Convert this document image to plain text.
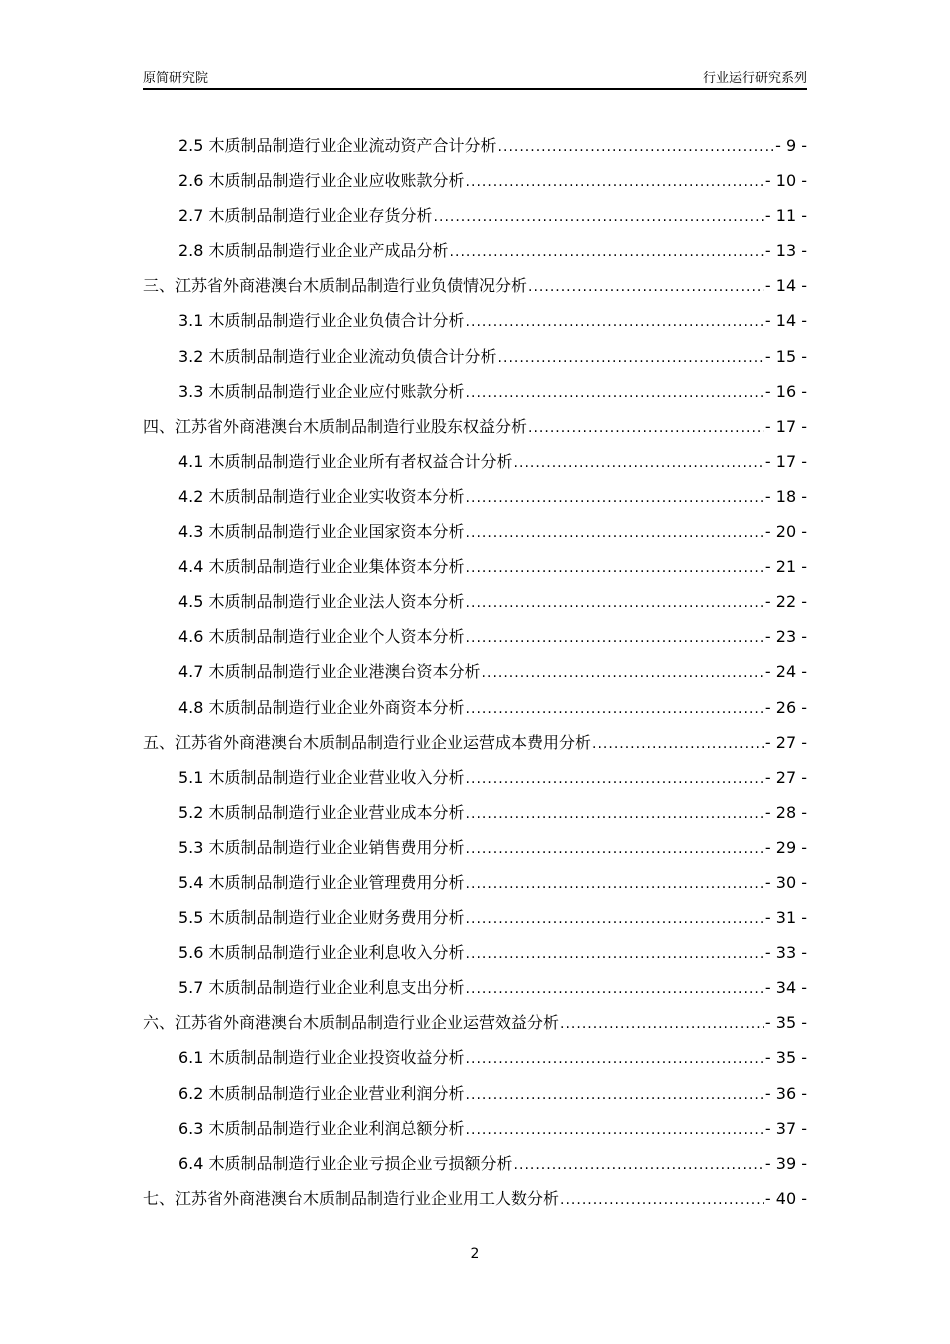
原简研究院	行业运行研究系列
2.5 木质制品制造行业企业流动资产合计分析 .....	- 9 -
2.6 木质制品制造行业企业应收账款分析 .....	- 10 -
2.7 木质制品制造行业企业存货分析 .....	- 11 -
2.8 木质制品制造行业企业产成品分析 .....	- 13 -
三、江苏省外商港澳台木质制品制造行业负债情况分析 .....	- 14 -
3.1 木质制品制造行业企业负债合计分析 .....	- 14 -
3.2 木质制品制造行业企业流动负债合计分析 .....	- 15 -
3.3 木质制品制造行业企业应付账款分析 .....	- 16 -
四、江苏省外商港澳台木质制品制造行业股东权益分析 .....	- 17 -
4.1 木质制品制造行业企业所有者权益合计分析 .....	- 17 -
4.2 木质制品制造行业企业实收资本分析 .....	- 18 -
4.3 木质制品制造行业企业国家资本分析 .....	- 20 -
4.4 木质制品制造行业企业集体资本分析 .....	- 21 -
4.5 木质制品制造行业企业法人资本分析 .....	- 22 -
4.6 木质制品制造行业企业个人资本分析 .....	- 23 -
4.7 木质制品制造行业企业港澳台资本分析 .....	- 24 -
4.8 木质制品制造行业企业外商资本分析 .....	- 26 -
五、江苏省外商港澳台木质制品制造行业企业运营成本费用分析 .....	- 27 -
5.1 木质制品制造行业企业营业收入分析 .....	- 27 -
5.2 木质制品制造行业企业营业成本分析 .....	- 28 -
5.3 木质制品制造行业企业销售费用分析 .....	- 29 -
5.4 木质制品制造行业企业管理费用分析 .....	- 30 -
5.5 木质制品制造行业企业财务费用分析 .....	- 31 -
5.6 木质制品制造行业企业利息收入分析 .....	- 33 -
5.7 木质制品制造行业企业利息支出分析 .....	- 34 -
六、江苏省外商港澳台木质制品制造行业企业运营效益分析 .....	- 35 -
6.1 木质制品制造行业企业投资收益分析 .....	- 35 -
6.2 木质制品制造行业企业营业利润分析 .....	- 36 -
6.3 木质制品制造行业企业利润总额分析 .....	- 37 -
6.4 木质制品制造行业企业亏损企业亏损额分析 .....	- 39 -
七、江苏省外商港澳台木质制品制造行业企业用工人数分析 .....	- 40 -
2
